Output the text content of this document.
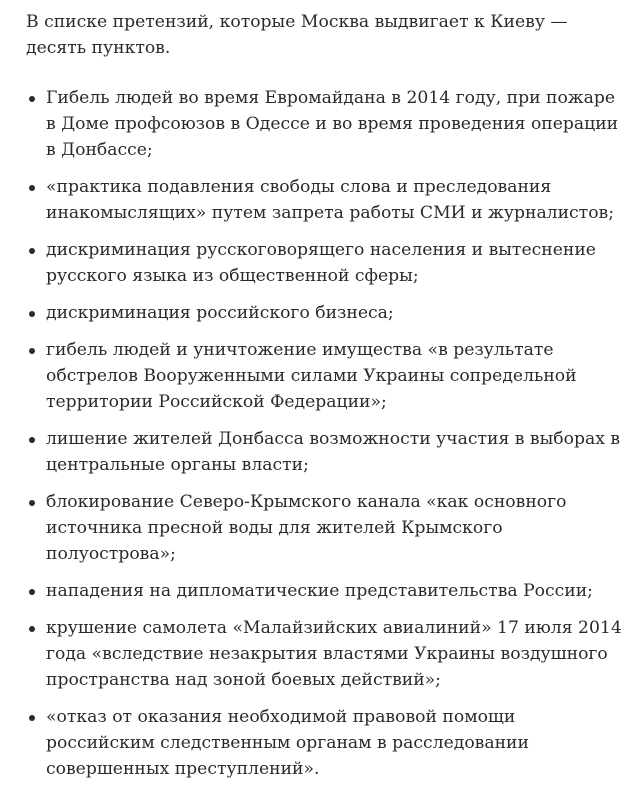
В списке претензий, которые Москва выдвигает к Киеву — десять пунктов.

Гибель людей во время Евромайдана в 2014 году, при пожаре в Доме профсоюзов в Одессе и во время проведения операции в Донбассе;
«практика подавления свободы слова и преследования инакомыслящих» путем запрета работы СМИ и журналистов;
дискриминация русскоговорящего населения и вытеснение русского языка из общественной сферы;
дискриминация российского бизнеса;
гибель людей и уничтожение имущества «в результате обстрелов Вооруженными силами Украины сопредельной территории Российской Федерации»;
лишение жителей Донбасса возможности участия в выборах в центральные органы власти;
блокирование Северо-Крымского канала «как основного источника пресной воды для жителей Крымского полуострова»;
нападения на дипломатические представительства России;
крушение самолета «Малайзийских авиалиний» 17 июля 2014 года «вследствие незакрытия властями Украины воздушного пространства над зоной боевых действий»;
«отказ от оказания необходимой правовой помощи российским следственным органам в расследовании совершенных преступлений».
